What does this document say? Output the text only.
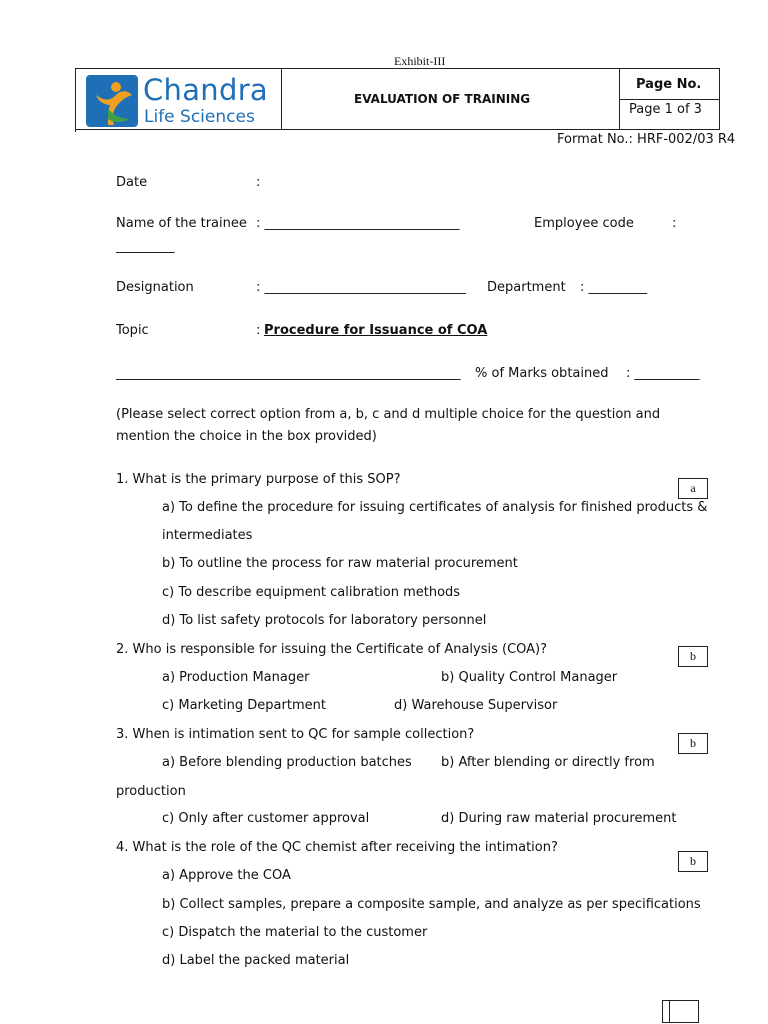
Exhibit-III
Chandra
Life Sciences
EVALUATION OF TRAINING
Page No.
Page 1 of 3
Format No.: HRF-002/03 R4
Date	:
Name of the trainee : ______________________________	Employee code	:
_________
Designation	: _______________________________ Department : _________
Topic	: Procedure for Issuance of COA
_____________________________________________________ % of Marks obtained : __________
(Please select correct option from a, b, c and d multiple choice for the question and
mention the choice in the box provided)
1. What is the primary purpose of this SOP?
a
a) To define the procedure for issuing certificates of analysis for finished products &
intermediates
b) To outline the process for raw material procurement
c) To describe equipment calibration methods
d) To list safety protocols for laboratory personnel
2. Who is responsible for issuing the Certificate of Analysis (COA)?	b
a) Production Manager	b) Quality Control Manager
c) Marketing Department	d) Warehouse Supervisor
3. When is intimation sent to QC for sample collection?
b
a) Before blending production batches b) After blending or directly from
production
c) Only after customer approval	d) During raw material procurement
4. What is the role of the QC chemist after receiving the intimation?
b
a) Approve the COA
b) Collect samples, prepare a composite sample, and analyze as per specifications
c) Dispatch the material to the customer
d) Label the packed material
